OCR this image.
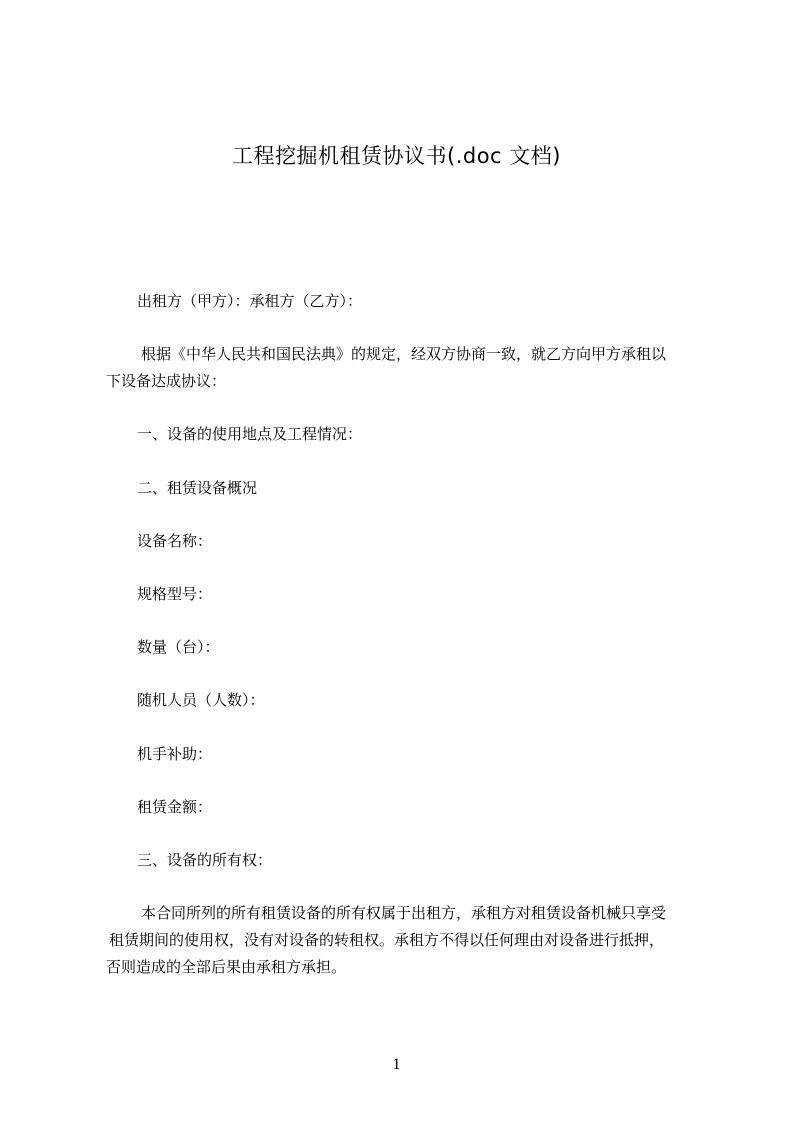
工程挖掘机租赁协议书(.doc 文档)
出租方（甲方）：承租方（乙方）：
根据《中华人民共和国民法典》的规定，经双方协商一致，就乙方向甲方承租以
下设备达成协议：
一、设备的使用地点及工程情况：
二、租赁设备概况
设备名称：
规格型号：
数量（台）：
随机人员（人数）：
机手补助：
租赁金额：
三、设备的所有权：
本合同所列的所有租赁设备的所有权属于出租方，承租方对租赁设备机械只享受
租赁期间的使用权，没有对设备的转租权。承租方不得以任何理由对设备进行抵押，
否则造成的全部后果由承租方承担。
1
